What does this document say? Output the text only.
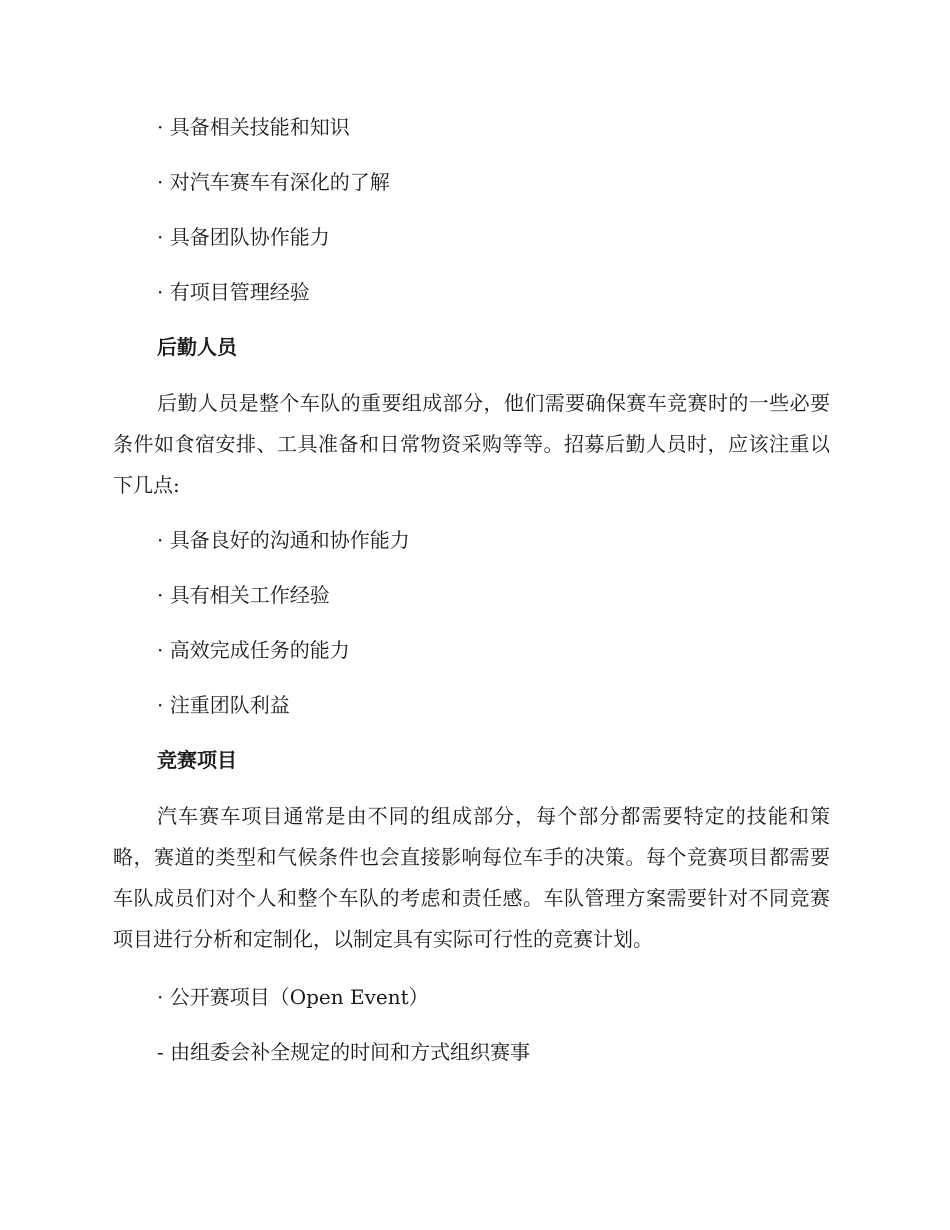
· 具备相关技能和知识
· 对汽车赛车有深化的了解
· 具备团队协作能力
· 有项目管理经验
后勤人员
后勤人员是整个车队的重要组成部分，他们需要确保赛车竞赛时的一些必要条件如食宿安排、工具准备和日常物资采购等等。招募后勤人员时，应该注重以下几点:
· 具备良好的沟通和协作能力
· 具有相关工作经验
· 高效完成任务的能力
· 注重团队利益
竞赛项目
汽车赛车项目通常是由不同的组成部分，每个部分都需要特定的技能和策略，赛道的类型和气候条件也会直接影响每位车手的决策。每个竞赛项目都需要车队成员们对个人和整个车队的考虑和责任感。车队管理方案需要针对不同竞赛项目进行分析和定制化，以制定具有实际可行性的竞赛计划。
· 公开赛项目（Open Event）
- 由组委会补全规定的时间和方式组织赛事
